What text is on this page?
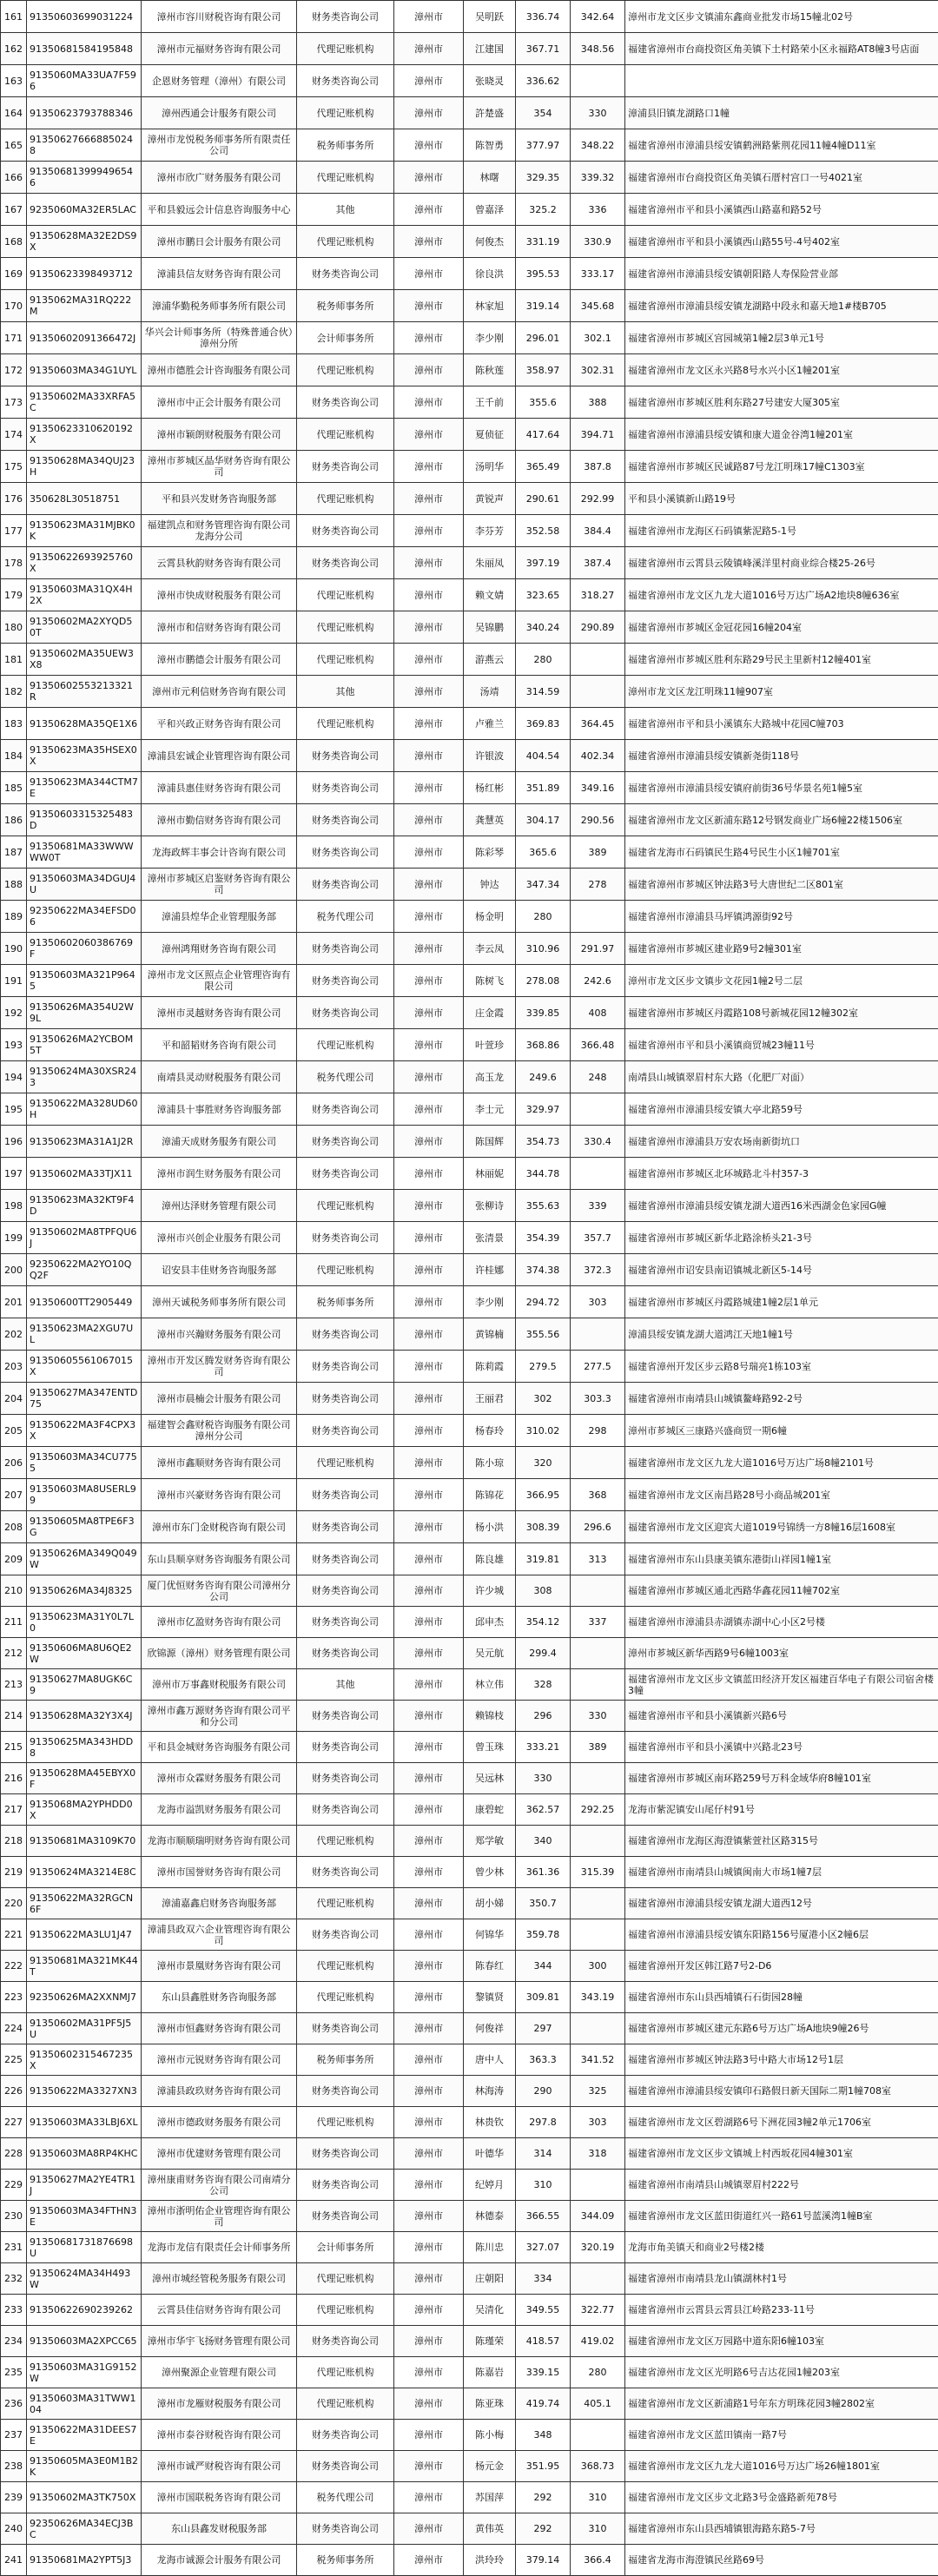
161	91350603699031224	漳州市容川财税咨询有限公司	财务类咨询公司	漳州市	吴明跃	336.74	342.64	漳州市龙文区步文镇浦东鑫商业批发市场15幢北02号
162	91350681584195848	漳州市元福财务咨询有限公司	代理记账机构	漳州市	江建国	367.71	348.56	福建省漳州市台商投资区角美镇下土村路荣小区永福路AT8幢3号店面
163	9135060MA33UA7F596	企恩财务管理（漳州）有限公司	财务类咨询公司	漳州市	张晓灵	336.62		
164	91350623793788346	漳州西通会计服务有限公司	代理记账机构	漳州市	許楚盛	354	330	漳浦县旧镇龙湖路口1幢
165	913506276668850248	漳州市龙悦税务师事务所有限责任公司	税务师事务所	漳州市	陈智勇	377.97	348.22	福建省漳州市漳浦县绥安镇鹤洲路紫荆花园11幢4幢D11室
166	913506813999496546	漳州市欣广财务服务有限公司	代理记账机构	漳州市	林曙	329.35	339.32	福建省漳州市台商投资区角美镇石厝村宫口一号4021室
167	9235060MA32ER5LAC	平和县毅远会计信息咨询服务中心	其他	漳州市	曾嘉泽	325.2	336	福建省漳州市平和县小溪镇西山路嘉和路52号
168	91350628MA32E2DS9X	漳州市鹏日会计服务有限公司	代理记账机构	漳州市	何俊杰	331.19	330.9	福建省漳州市平和县小溪镇西山路55号-4号402室
169	91350623398493712	漳浦县信友财务咨询有限公司	财务类咨询公司	漳州市	徐良洪	395.53	333.17	福建省漳州市漳浦县绥安镇朝阳路人寿保险营业部
170	9135062MA31RQ222M	漳浦华勤税务师事务所有限公司	税务师事务所	漳州市	林家旭	319.14	345.68	福建省漳州市漳浦县绥安镇龙湖路中段永和嘉天地1#楼B705
171	91350602091366472J	华兴会计师事务所（特殊普通合伙）漳州分所	会计师事务所	漳州市	李少刚	296.01	302.1	福建省漳州市芗城区宫园城第1幢2层3单元1号
172	91350603MA34G1UYL	漳州市德胜会计咨询服务有限公司	代理记账机构	漳州市	陈秋莲	358.97	302.31	福建省漳州市龙文区永兴路8号水兴小区1幢201室
173	91350602MA33XRFA5C	漳州市中正会计服务有限公司	财务类咨询公司	漳州市	王千前	355.6	388	福建省漳州市芗城区胜利东路27号建安大厦305室
174	91350623310620192X	漳州市颖朗财税服务有限公司	代理记账机构	漳州市	夏侦征	417.64	394.71	福建省漳州市漳浦县绥安镇和康大道金谷湾1幢201室
175	91350628MA34QUJ23H	漳州市芗城区晶华财务咨询有限公司	财务类咨询公司	漳州市	汤明华	365.49	387.8	福建省漳州市芗城区民诚路87号龙江明珠17幢C1303室
176	350628L30518751	平和县兴发财务咨询服务部	代理记账机构	漳州市	黄锐声	290.61	292.99	平和县小溪镇新山路19号
177	91350623MA31MJBK0K	福建凯点和财务管理咨询有限公司龙海分公司	财务类咨询公司	漳州市	李芬芳	352.58	384.4	福建省漳州市龙海区石码镇紫泥路5-1号
178	91350622693925760X	云霄县秋韵财务咨询有限公司	财务类咨询公司	漳州市	朱丽凤	397.19	387.4	福建省漳州市云霄县云陵镇峰溪洋里村商业综合楼25-26号
179	91350603MA31QX4H2X	漳州市快成财税服务有限公司	代理记账机构	漳州市	赖文婧	323.65	318.27	福建省漳州市龙文区九龙大道1016号万达广场A2地块8幢636室
180	91350602MA2XYQD50T	漳州市和信财务咨询有限公司	代理记账机构	漳州市	吴锦鹏	340.24	290.89	福建省漳州市芗城区金冠花园16幢204室
181	91350602MA35UEW3X8	漳州市鹏德会计服务有限公司	代理记账机构	漳州市	游燕云	280		福建省漳州市芗城区胜利东路29号民主里新村12幢401室
182	91350602553213321R	漳州市元利信财务咨询有限公司	其他	漳州市	汤靖	314.59		漳州市龙文区龙江明珠11幢907室
183	91350628MA35QE1X6	平和兴政正财务咨询有限公司	代理记账机构	漳州市	卢雅兰	369.83	364.45	福建省漳州市平和县小溪镇东大路城中花园C幢703
184	91350623MA35HSEX0X	漳浦县宏诚企业管理咨询有限公司	财务类咨询公司	漳州市	许银波	404.54	402.34	福建省漳州市漳浦县绥安镇新尧街118号
185	91350623MA344CTM7E	漳浦县惠佳财务咨询有限公司	财务类咨询公司	漳州市	杨红彬	351.89	349.16	福建省漳州市漳浦县绥安镇府前街36号华景名苑1幢5室
186	91350603315325483D	漳州市勤信财务咨询有限公司	财务类咨询公司	漳州市	龚慧英	304.17	290.56	福建省漳州市龙文区新浦东路12号钢发商业广场6幢22楼1506室
187	91350681MA33WWWWW0T	龙海政辉丰事会计咨询有限公司	财务类咨询公司	漳州市	陈彩琴	365.6	389	福建省龙海市石码镇民生路4号民生小区1幢701室
188	91350603MA34DGUJ4U	漳州市芗城区启鉴财务咨询有限公司	财务类咨询公司	漳州市	钟达	347.34	278	福建省漳州市芗城区钟法路3号大唐世纪二区801室
189	92350622MA34EFSD06	漳浦县煌华企业管理服务部	税务代理公司	漳州市	杨金明	280		福建省漳州市漳浦县马坪镇鸿源街92号
190	91350602060386769F	漳州鸿翔财务咨询有限公司	财务类咨询公司	漳州市	李云凤	310.96	291.97	福建省漳州市芗城区建业路9号2幢301室
191	91350603MA321P9645	漳州市龙文区照点企业管理咨询有限公司	财务类咨询公司	漳州市	陈树飞	278.08	242.6	漳州市龙文区步文镇步文花园1幢2号二层
192	91350626MA354U2W9L	漳州市灵越财务咨询有限公司	财务类咨询公司	漳州市	庄金霞	339.85	408	福建省漳州市芗城区丹霞路108号新城花园12幢302室
193	91350626MA2YCBOM5T	平和韶韬财务咨询有限公司	代理记账机构	漳州市	叶萱珍	368.86	366.48	福建省漳州市平和县小溪镇商贸城23幢11号
194	91350624MA30XSR243	南靖县灵动财税服务有限公司	税务代理公司	漳州市	高玉龙	249.6	248	南靖县山城镇翠眉村东大路（化肥厂对面）
195	91350622MA328UD60H	漳浦县十事胜财务咨询服务部	财务类咨询公司	漳州市	李士元	329.97		福建省漳州市漳浦县绥安镇大亭北路59号
196	91350623MA31A1J2R	漳浦天成财务服务有限公司	财务类咨询公司	漳州市	陈国辉	354.73	330.4	福建省漳州市漳浦县万安农场南新街坑口
197	91350602MA33TJX11	漳州市润生财务服务有限公司	财务类咨询公司	漳州市	林丽妮	344.78		福建省漳州市芗城区北环城路北斗村357-3
198	91350623MA32KT9F4D	漳州达泽财务管理有限公司	代理记账机构	漳州市	张柳诗	355.63	339	福建省漳州市漳浦县绥安镇龙湖大道西16米西湖金色家园G幢
199	91350602MA8TPFQU6J	漳州市兴创企业服务有限公司	财务类咨询公司	漳州市	张清景	354.39	357.7	福建省漳州市芗城区新华北路涂桥头21-3号
200	92350622MA2YO10QQ2F	诏安县丰佳财务咨询服务部	代理记账机构	漳州市	许桂娜	374.38	372.3	福建省漳州市诏安县南诏镇城北新区5-14号
201	91350600TT2905449	漳州天诚税务师事务所有限公司	税务师事务所	漳州市	李少刚	294.72	303	福建省漳州市芗城区丹霞路城建1幢2层1单元
202	91350623MA2XGU7UL	漳州市兴瀚财务服务有限公司	财务类咨询公司	漳州市	黄锦楠	355.56		漳浦县绥安镇龙湖大道鸿江天地1幢1号
203	91350605561067015X	漳州市开发区腾发财务咨询有限公司	财务类咨询公司	漳州市	陈莉霞	279.5	277.5	福建省漳州开发区步云路8号瑞亮1栋103室
204	91350627MA347ENTD75	漳州市晨楠会计服务有限公司	财务类咨询公司	漳州市	王丽君	302	303.3	福建省漳州市南靖县山城镇鳌峰路92-2号
205	91350622MA3F4CPX3X	福建智会鑫财税咨询服务有限公司漳州分公司	财务类咨询公司	漳州市	杨春玲	310.02	298	漳州市芗城区三康路兴盛商贸一期6幢
206	91350603MA34CU7755	漳州市鑫顺财务咨询有限公司	代理记账机构	漳州市	陈小琼	320		福建省漳州市龙文区九龙大道1016号万达广场8幢2101号
207	91350603MA8USERL99	漳州市兴豪财务咨询有限公司	财务类咨询公司	漳州市	陈锦花	366.95	368	福建省漳州市龙文区南昌路28号小商品城201室
208	91350605MA8TPE6F3G	漳州市东门金财税咨询有限公司	财务类咨询公司	漳州市	杨小洪	308.39	296.6	福建省漳州市龙文区迎宾大道1019号锦绣一方8幢16层1608室
209	91350626MA349Q049W	东山县顺享财务咨询服务有限公司	财务类咨询公司	漳州市	陈良雄	319.81	313	福建省漳州市东山县康美镇东港街山祥园1幢1室
210	91350626MA34J8325	厦门优恒财务咨询有限公司漳州分公司	财务类咨询公司	漳州市	许少城	308		福建省漳州市芗城区通北西路华鑫花园11幢702室
211	91350623MA31Y0L7L0	漳州市亿盈财务咨询有限公司	财务类咨询公司	漳州市	邱申杰	354.12	337	福建省漳州市漳浦县赤湖镇赤湖中心小区2号楼
212	91350606MA8U6QE2W	欣锦源（漳州）财务管理有限公司	财务类咨询公司	漳州市	吴元航	299.4		漳州市芗城区新华西路9号6幢1003室
213	91350627MA8UGK6C9	漳州市万事鑫财税服务有限公司	其他	漳州市	林立伟	328		福建省漳州市龙文区步文镇蓝田经济开发区福建百华电子有限公司宿舍楼3幢
214	91350628MA32Y3X4J	漳州市鑫万源财务咨询有限公司平和分公司	财务类咨询公司	漳州市	赖锦枝	296	330	福建省漳州市平和县小溪镇新兴路6号
215	91350625MA343HDD8	平和县金城财务咨询服务有限公司	财务类咨询公司	漳州市	曾玉珠	333.21	389	福建省漳州市平和县小溪镇中兴路北23号
216	91350628MA45EBYX0F	漳州市众霖财务服务有限公司	财务类咨询公司	漳州市	吴远林	330		福建省漳州市芗城区南环路259号万科金域华府8幢101室
217	9135068MA2YPHDD0X	龙海市溢凯财务服务有限公司	财务类咨询公司	漳州市	康碧蛇	362.57	292.25	龙海市紫泥镇安山尾仔村91号
218	91350681MA3109K70	龙海市顺顺瑞明财务咨询有限公司	代理记账机构	漳州市	郑学敏	340		福建省漳州市龙海区海澄镇紫萱社区路315号
219	91350624MA3214E8C	漳州市国誉财务咨询有限公司	财务类咨询公司	漳州市	曾少林	361.36	315.39	福建省漳州市南靖县山城镇闽南大市场1幢7层
220	91350622MA32RGCN6F	漳浦嘉鑫启财务咨询服务部	代理记账机构	漳州市	胡小娣	350.7		福建省漳州市漳浦县绥安镇龙湖大道西12号
221	91350622MA3LU1J47	漳浦县政双六企业管理咨询有限公司	财务类咨询公司	漳州市	何锦华	359.78		福建省漳州市漳浦县绥安镇东阳路156号厦港小区2幢6层
222	91350681MA321MK44T	漳州市景凰财务咨询有限公司	代理记账机构	漳州市	陈春红	344	300	福建省漳州开发区韩江路7号2-D6
223	92350626MA2XXNMJ7	东山县鑫胜财务咨询服务部	代理记账机构	漳州市	黎镇贤	309.81	343.19	福建省漳州市东山县西埔镇石石街园28幢
224	91350602MA31PF5J5U	漳州市恒鑫财务咨询有限公司	财务类咨询公司	漳州市	何俊祥	297		福建省漳州市芗城区建元东路6号万达广场A地块9幢26号
225	91350602315467235X	漳州市元锐财务咨询有限公司	税务师事务所	漳州市	唐中人	363.3	341.52	福建省漳州市芗城区钟法路3号中路大市场12号1层
226	91350622MA3327XN3	漳浦县政玖财务咨询有限公司	财务类咨询公司	漳州市	林海涛	290	325	福建省漳州市漳浦县绥安镇印石路假日新天国际二期1幢708室
227	91350603MA33LBJ6XL	漳州市德政财务服务有限公司	代理记账机构	漳州市	林贵钦	297.8	303	福建省漳州市龙文区碧湖路6号下洲花园3幢2单元1706室
228	91350603MA8RP4KHC	漳州市优建财务管理有限公司	财务类咨询公司	漳州市	叶德华	314	318	福建省漳州市龙文区步文镇城上村西坂花园4幢301室
229	91350627MA2YE4TR1J	漳州康甫财务咨询有限公司南靖分公司	财务类咨询公司	漳州市	纪婷月	310		福建省漳州市南靖县山城镇翠眉村222号
230	91350603MA34FTHN3E	漳州市浙明佑企业管理咨询有限公司	财务类咨询公司	漳州市	林德泰	366.55	344.09	福建省漳州市龙文区蓝田街道红兴一路61号蓝溪湾1幢B室
231	91350681731876698U	龙海市龙信有限责任会计师事务所	会计师事务所	漳州市	陈川忠	327.07	320.19	龙海市角美镇天和商业2号楼2楼
232	91350624MA34H493W	漳州市城经管税务服务有限公司	代理记账机构	漳州市	庄朝阳	334		福建省漳州市南靖县龙山镇湖林村1号
233	91350622690239262	云霄县佳信财务咨询有限公司	代理记账机构	漳州市	吴清化	349.55	322.77	福建省漳州市云霄县云霄县江岭路233-11号
234	91350603MA2XPCC65	漳州市华宇飞扬财务管理有限公司	财务类咨询公司	漳州市	陈瑾荣	418.57	419.02	福建省漳州市龙文区万园路中道东阳6幢103室
235	91350603MA31G9152W	漳州聚源企业管理有限公司	代理记账机构	漳州市	陈嘉岩	339.15	280	福建省漳州市龙文区光明路6号吉达花园1幢203室
236	91350603MA31TWW104	漳州市龙雁财税服务有限公司	代理记账机构	漳州市	陈亚珠	419.74	405.1	福建省漳州市龙文区新浦路1号年东方明珠花园3幢2802室
237	91350622MA31DEES7E	漳州市泰谷财税咨询有限公司	财务类咨询公司	漳州市	陈小梅	348		福建省漳州市龙文区蓝田镇南一路7号
238	91350605MA3E0M1B2K	漳州市诚严财税咨询有限公司	财务类咨询公司	漳州市	杨元金	351.95	368.73	福建省漳州市龙文区九龙大道1016号万达广场26幢1801室
239	91350602MA3TK750X	漳州市国联税务咨询有限公司	税务代理公司	漳州市	苏国萍	292	310	福建省漳州市龙文区步文北路3号金盛路新苑78号
240	92350626MA34ECJ3BC	东山县鑫发财税服务部	财务类咨询公司	漳州市	黄伟英	292	310	福建省漳州市东山县西埔镇银海路东路5-7号
241	91350681MA2YPT5J3	龙海市诚源会计服务有限公司	税务师事务所	漳州市	洪玲玲	379.14	366.4	福建省龙海市海澄镇民丝路69号
